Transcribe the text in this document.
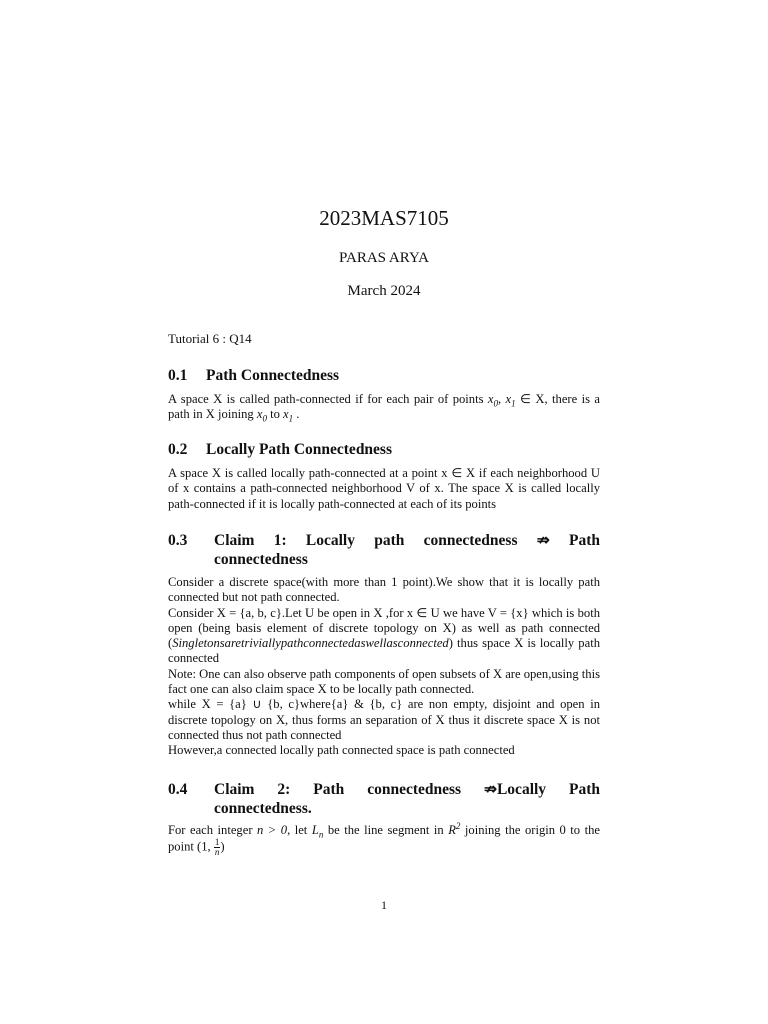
2023MAS7105
PARAS ARYA
March 2024
Tutorial 6 : Q14
0.1 Path Connectedness

A space X is called path-connected if for each pair of points $x_0$, $x_1$ ∈ X, there is a path in X joining $x_0$ to $x_1$ .

0.2 Locally Path Connectedness

A space X is called locally path-connected at a point x ∈ X if each neighborhood U of x contains a path-connected neighborhood V of x. The space X is called locally path-connected if it is locally path-connected at each of its points

0.3 Claim 1: Locally path connectedness ⇏ Path connectedness

Consider a discrete space(with more than 1 point).We show that it is locally path connected but not path connected.

Consider X = {a, b, c}.Let U be open in X ,for x ∈ U we have V = {x} which is both open (being basis element of discrete topology on X) as well as path connected (Singletonsaretriviallypathconnectedaswellasconnected) thus space X is locally path connected

Note: One can also observe path components of open subsets of X are open,using this fact one can also claim space X to be locally path connected.

while X = {a} ∪ {b, c}where{a} & {b, c} are non empty, disjoint and open in discrete topology on X, thus forms an separation of X thus it discrete space X is not connected thus not path connected

However,a connected locally path connected space is path connected

0.4 Claim 2: Path connectedness ⇏Locally Path connectedness.

For each integer n > 0, let $L_n$ be the line segment in $R^2$ joining the origin 0 to the point (1, $\frac{1}{n}$)

1
